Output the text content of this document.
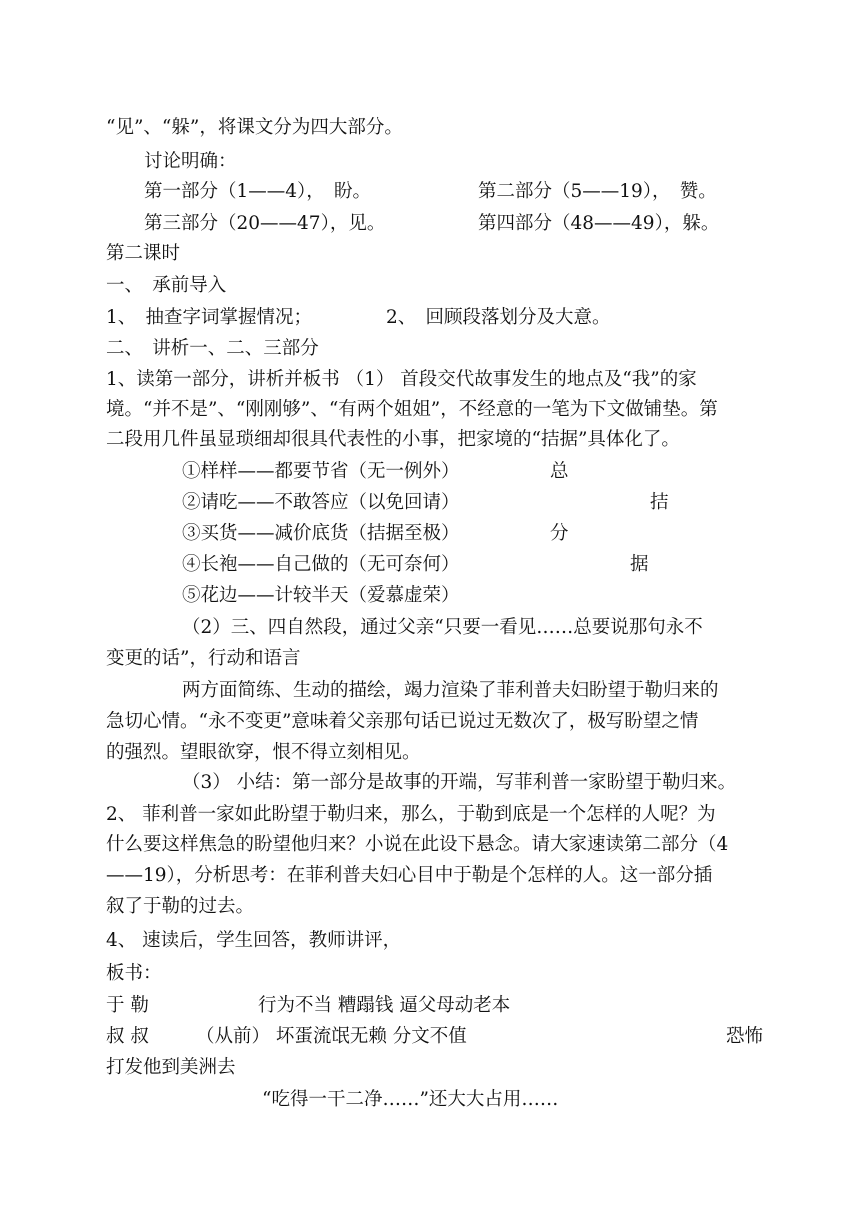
“见”、“躲”，将课文分为四大部分。
讨论明确：
第一部分（1——4），　盼。	第二部分（5——19），　赞。
第三部分（20——47），见。	第四部分（48——49），躲。
第二课时
一、　承前导入
1、　抽查字词掌握情况；	2、　回顾段落划分及大意。
二、　讲析一、二、三部分
1、读第一部分，讲析并板书 （1） 首段交代故事发生的地点及“我”的家
境。“并不是”、“刚刚够”、“有两个姐姐”，不经意的一笔为下文做铺垫。第
二段用几件虽显琐细却很具代表性的小事，把家境的“拮据”具体化了。
①样样——都要节省（无一例外）	总
②请吃——不敢答应（以免回请）	拮
③买货——减价底货（拮据至极）	分
④长袍——自己做的（无可奈何）	据
⑤花边——计较半天（爱慕虚荣）
（2）三、四自然段，通过父亲“只要一看见……总要说那句永不
变更的话”，行动和语言
两方面简练、生动的描绘，竭力渲染了菲利普夫妇盼望于勒归来的
急切心情。“永不变更”意味着父亲那句话已说过无数次了，极写盼望之情
的强烈。望眼欲穿，恨不得立刻相见。
（3） 小结：第一部分是故事的开端，写菲利普一家盼望于勒归来。
2、 菲利普一家如此盼望于勒归来，那么，于勒到底是一个怎样的人呢？为
什么要这样焦急的盼望他归来？小说在此设下悬念。请大家速读第二部分（4
——19），分析思考：在菲利普夫妇心目中于勒是个怎样的人。这一部分插
叙了于勒的过去。
4、 速读后，学生回答，教师讲评，
板书：
于 勒	行为不当 糟蹋钱 逼父母动老本
叔 叔	（从前） 坏蛋流氓无赖 分文不值	恐怖
打发他到美洲去
“吃得一干二净……”还大大占用……
